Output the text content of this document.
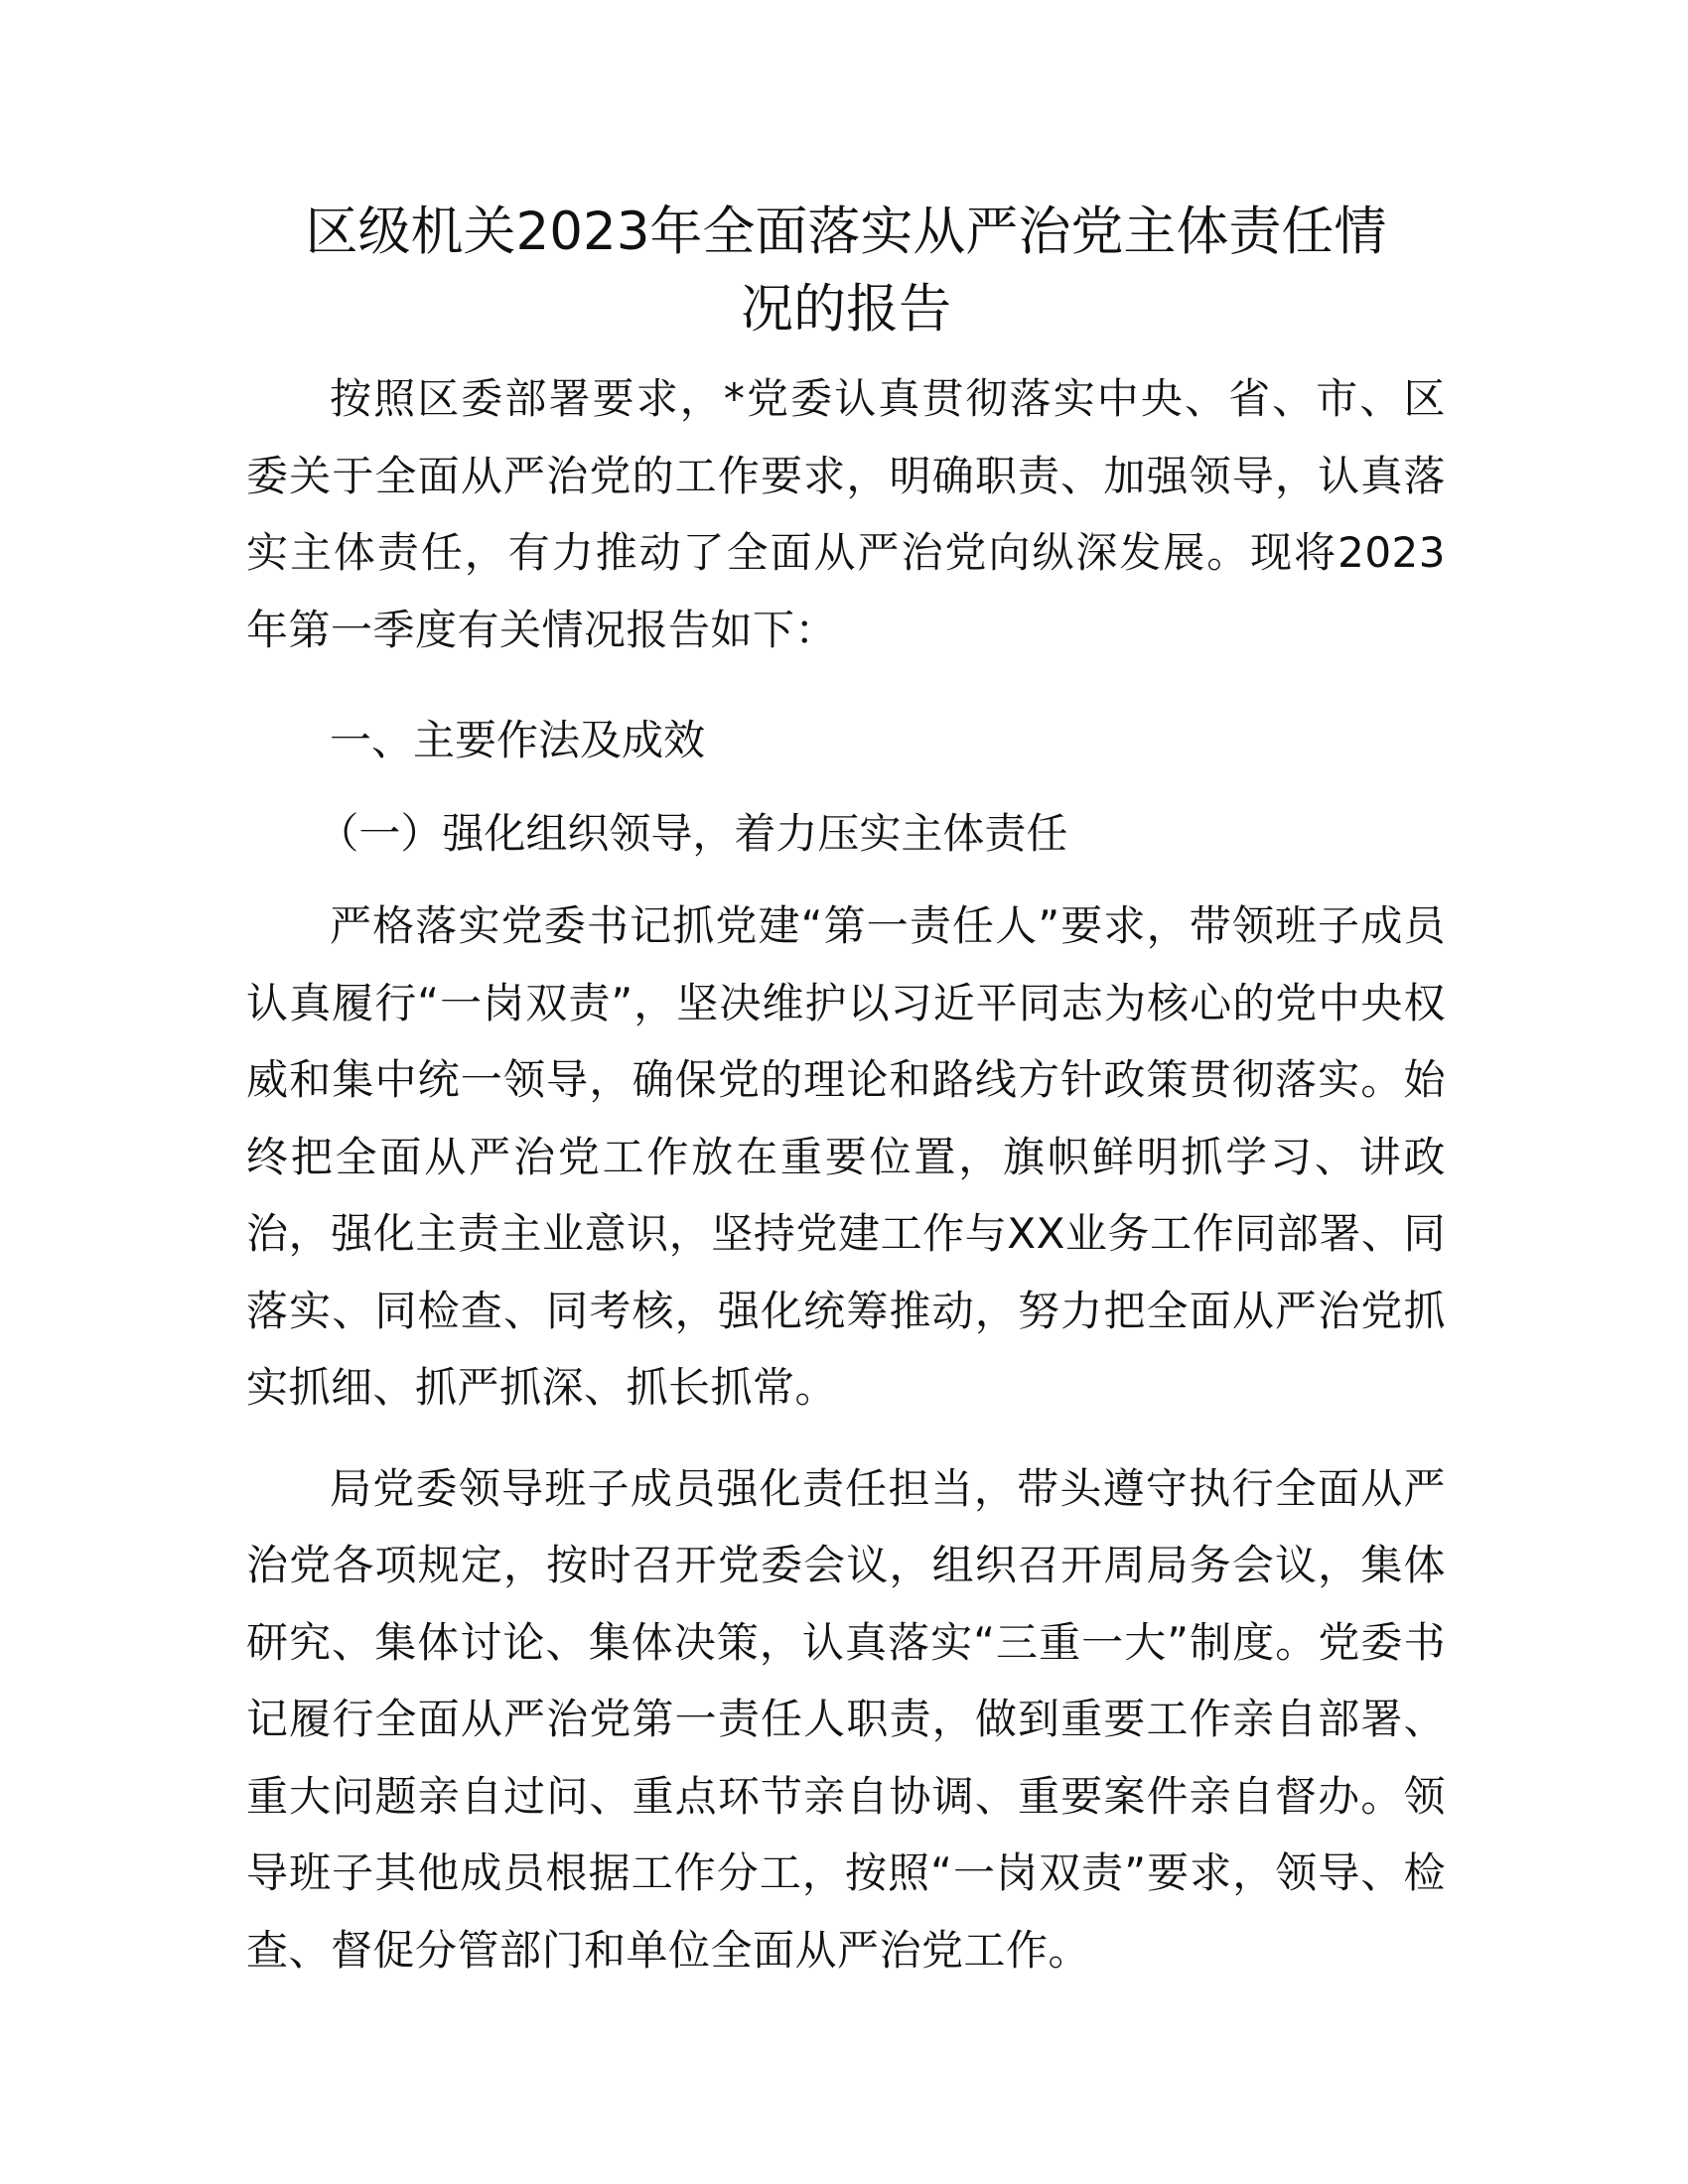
区级机关2023年全面落实从严治党主体责任情
况的报告

按照区委部署要求，*党委认真贯彻落实中央、省、市、区委关于全面从严治党的工作要求，明确职责、加强领导，认真落实主体责任，有力推动了全面从严治党向纵深发展。现将2023年第一季度有关情况报告如下：

一、主要作法及成效
（一）强化组织领导，着力压实主体责任

严格落实党委书记抓党建“第一责任人”要求，带领班子成员认真履行“一岗双责”，坚决维护以习近平同志为核心的党中央权威和集中统一领导，确保党的理论和路线方针政策贯彻落实。始终把全面从严治党工作放在重要位置，旗帜鲜明抓学习、讲政治，强化主责主业意识，坚持党建工作与XX业务工作同部署、同落实、同检查、同考核，强化统筹推动，努力把全面从严治党抓实抓细、抓严抓深、抓长抓常。

局党委领导班子成员强化责任担当，带头遵守执行全面从严治党各项规定，按时召开党委会议，组织召开周局务会议，集体研究、集体讨论、集体决策，认真落实“三重一大”制度。党委书记履行全面从严治党第一责任人职责，做到重要工作亲自部署、重大问题亲自过问、重点环节亲自协调、重要案件亲自督办。领导班子其他成员根据工作分工，按照“一岗双责”要求，领导、检查、督促分管部门和单位全面从严治党工作。
